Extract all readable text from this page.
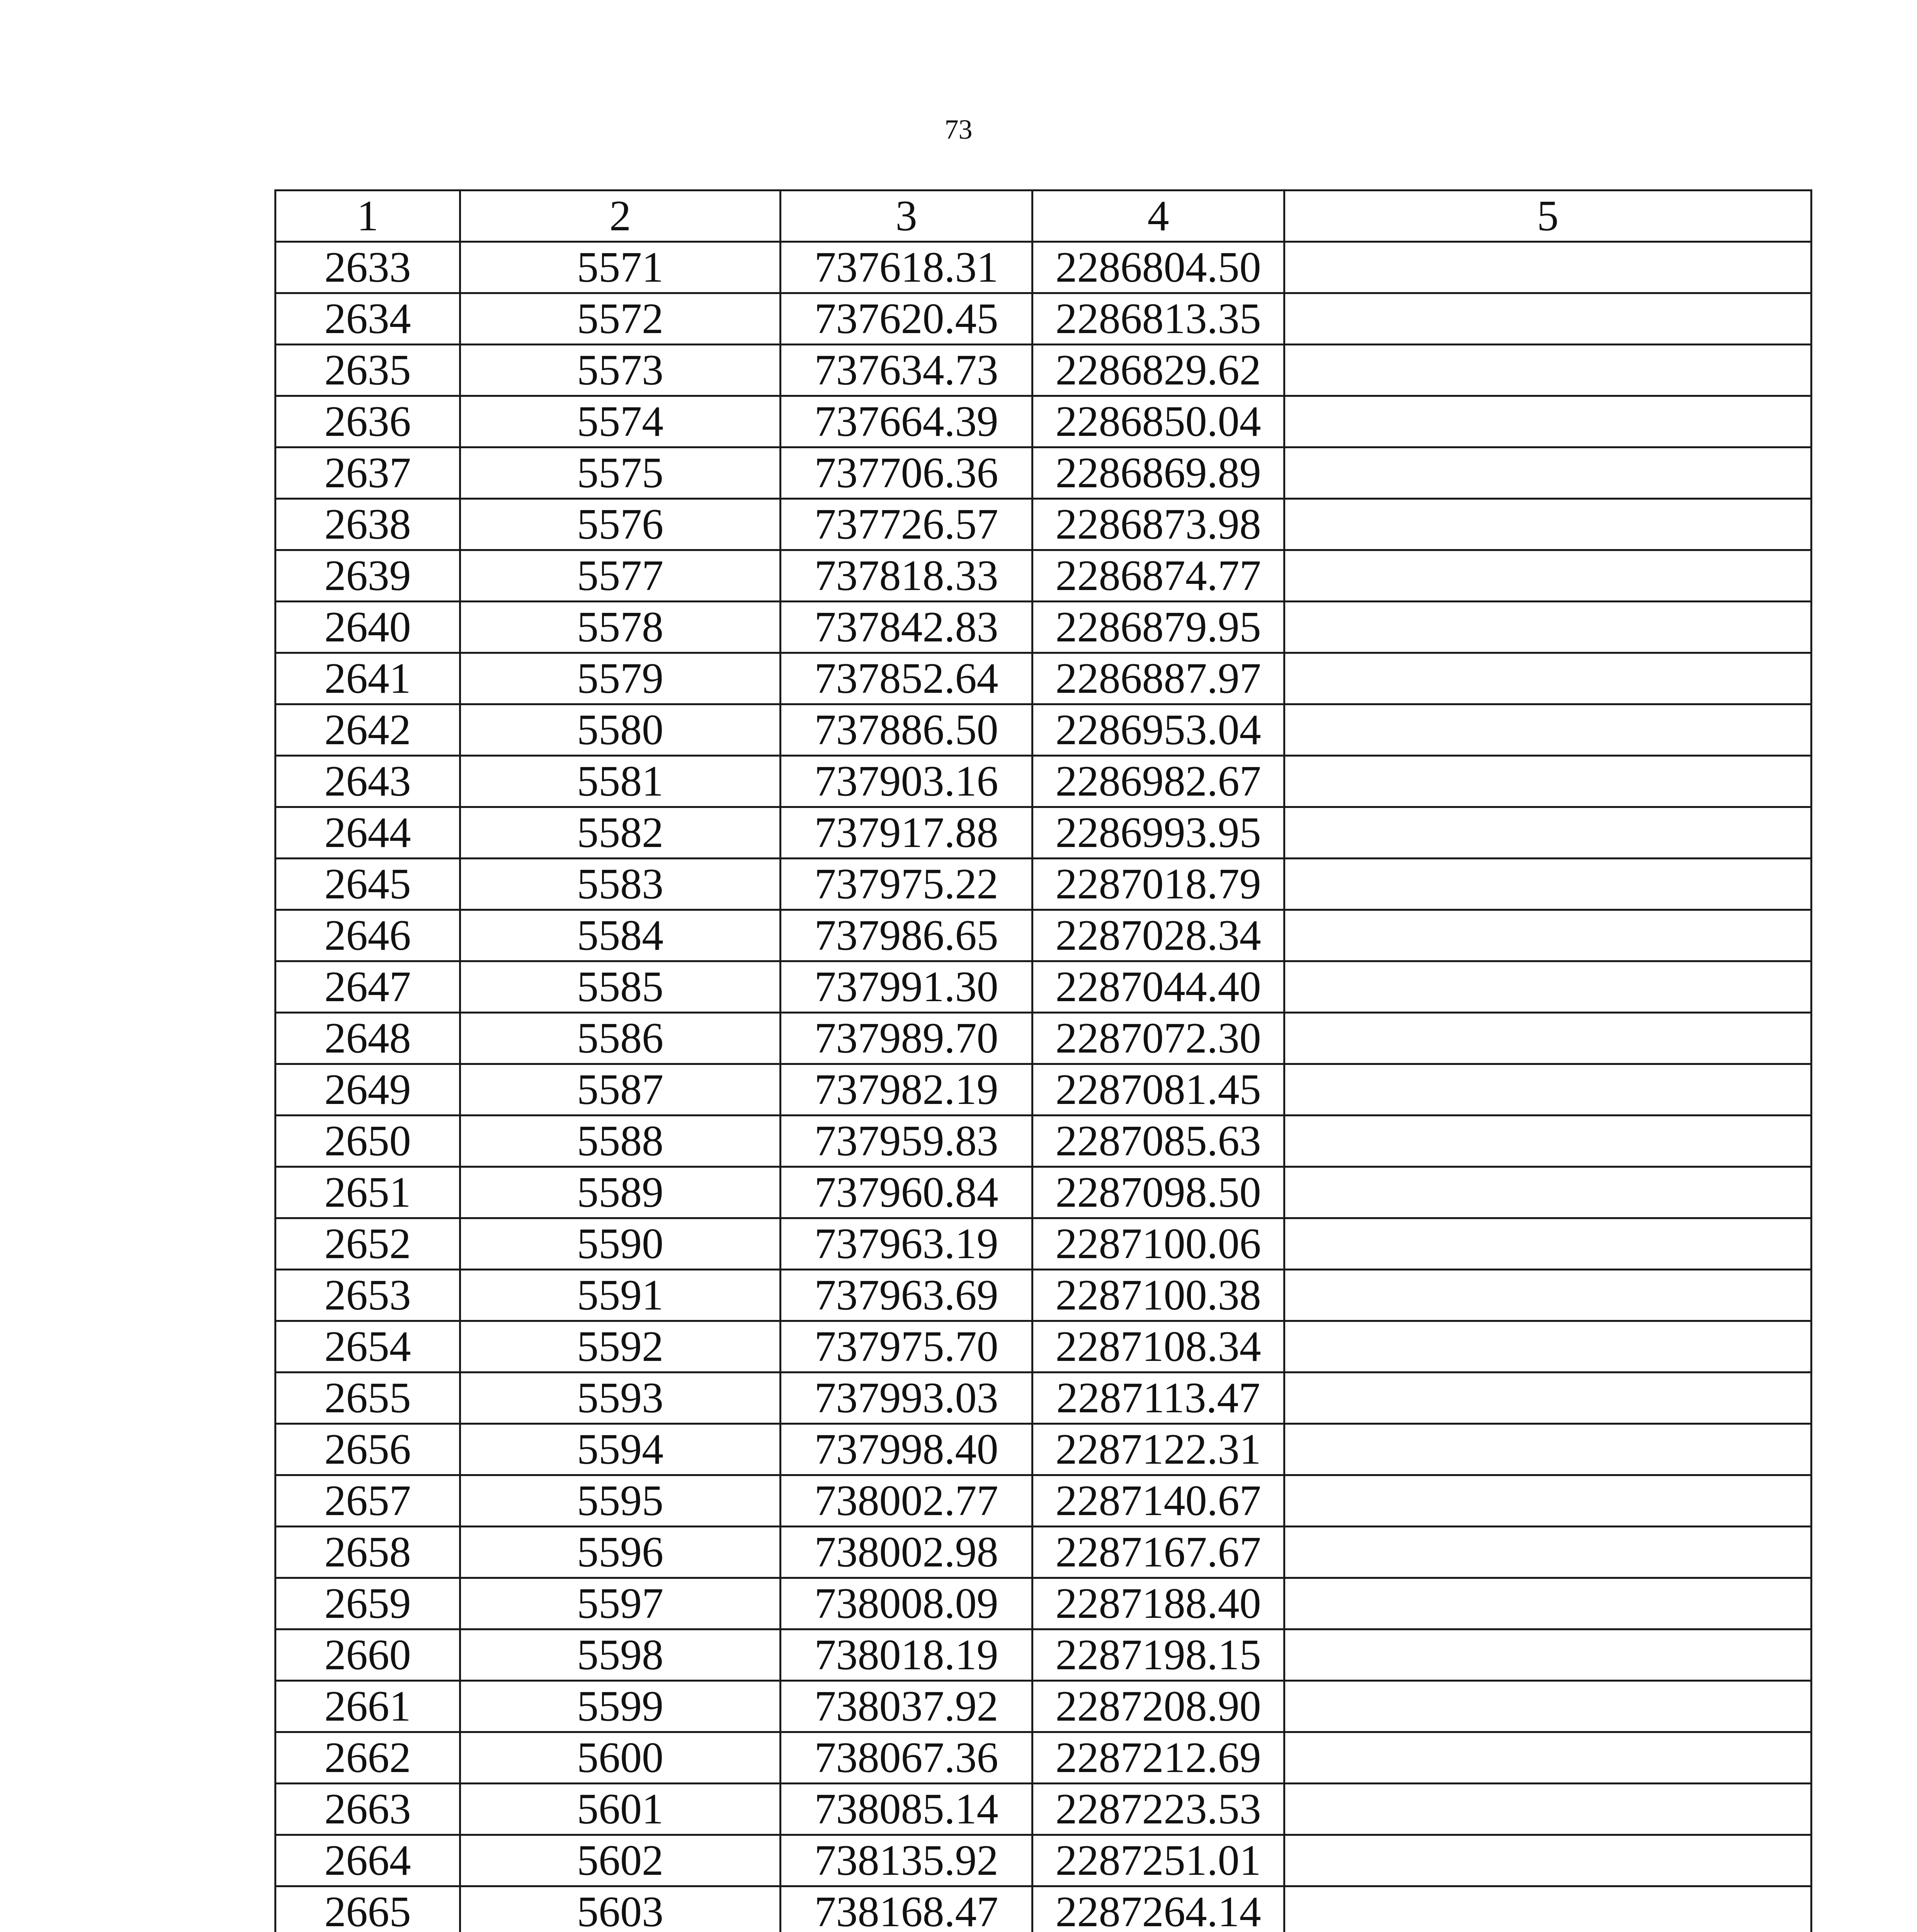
73
1	2	3	4	5
2633	5571	737618.31	2286804.50	
2634	5572	737620.45	2286813.35	
2635	5573	737634.73	2286829.62	
2636	5574	737664.39	2286850.04	
2637	5575	737706.36	2286869.89	
2638	5576	737726.57	2286873.98	
2639	5577	737818.33	2286874.77	
2640	5578	737842.83	2286879.95	
2641	5579	737852.64	2286887.97	
2642	5580	737886.50	2286953.04	
2643	5581	737903.16	2286982.67	
2644	5582	737917.88	2286993.95	
2645	5583	737975.22	2287018.79	
2646	5584	737986.65	2287028.34	
2647	5585	737991.30	2287044.40	
2648	5586	737989.70	2287072.30	
2649	5587	737982.19	2287081.45	
2650	5588	737959.83	2287085.63	
2651	5589	737960.84	2287098.50	
2652	5590	737963.19	2287100.06	
2653	5591	737963.69	2287100.38	
2654	5592	737975.70	2287108.34	
2655	5593	737993.03	2287113.47	
2656	5594	737998.40	2287122.31	
2657	5595	738002.77	2287140.67	
2658	5596	738002.98	2287167.67	
2659	5597	738008.09	2287188.40	
2660	5598	738018.19	2287198.15	
2661	5599	738037.92	2287208.90	
2662	5600	738067.36	2287212.69	
2663	5601	738085.14	2287223.53	
2664	5602	738135.92	2287251.01	
2665	5603	738168.47	2287264.14	
